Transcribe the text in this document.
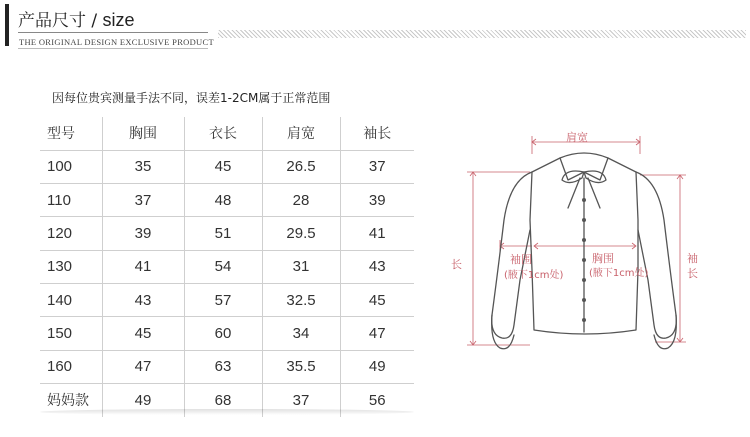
产品尺寸 / size
THE ORIGINAL DESIGN EXCLUSIVE PRODUCT
因每位贵宾测量手法不同，误差1-2CM属于正常范围
型号	胸围	衣长	肩宽	袖长
100	35	45	26.5	37
110	37	48	28	39
120	39	51	29.5	41
130	41	54	31	43
140	43	57	32.5	45
150	45	60	34	47
160	47	63	35.5	49
妈妈款	49	68	37	56
肩宽
长	袖
长
袖围
(腋下1cm处)
胸围
(腋下1cm处)
